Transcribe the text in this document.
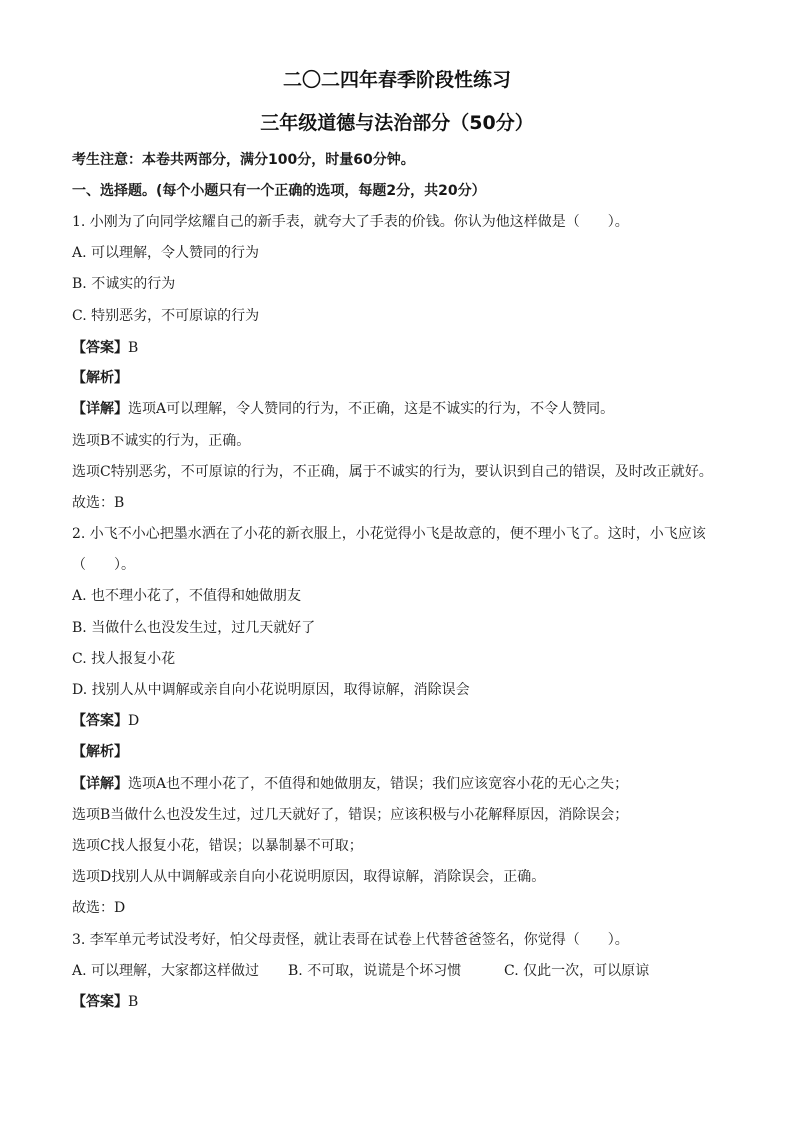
二〇二四年春季阶段性练习
三年级道德与法治部分（50分）
考生注意：本卷共两部分，满分100分，时量60分钟。
一、选择题。(每个小题只有一个正确的选项，每题2分，共20分）
1. 小刚为了向同学炫耀自己的新手表，就夸大了手表的价钱。你认为他这样做是（　　）。
A. 可以理解，令人赞同的行为
B. 不诚实的行为
C. 特别恶劣，不可原谅的行为
【答案】B
【解析】
【详解】选项A可以理解，令人赞同的行为，不正确，这是不诚实的行为，不令人赞同。
选项B不诚实的行为，正确。
选项C特别恶劣，不可原谅的行为，不正确，属于不诚实的行为，要认识到自己的错误，及时改正就好。
故选：B
2. 小飞不小心把墨水洒在了小花的新衣服上，小花觉得小飞是故意的，便不理小飞了。这时，小飞应该
（　　）。
A. 也不理小花了，不值得和她做朋友
B. 当做什么也没发生过，过几天就好了
C. 找人报复小花
D. 找别人从中调解或亲自向小花说明原因，取得谅解，消除误会
【答案】D
【解析】
【详解】选项A也不理小花了，不值得和她做朋友，错误；我们应该宽容小花的无心之失；
选项B当做什么也没发生过，过几天就好了，错误；应该积极与小花解释原因，消除误会；
选项C找人报复小花，错误；以暴制暴不可取；
选项D找别人从中调解或亲自向小花说明原因，取得谅解，消除误会，正确。
故选：D
3. 李军单元考试没考好，怕父母责怪，就让表哥在试卷上代替爸爸签名，你觉得（　　）。
A. 可以理解，大家都这样做过 B. 不可取，说谎是个坏习惯	C. 仅此一次，可以原谅
【答案】B
